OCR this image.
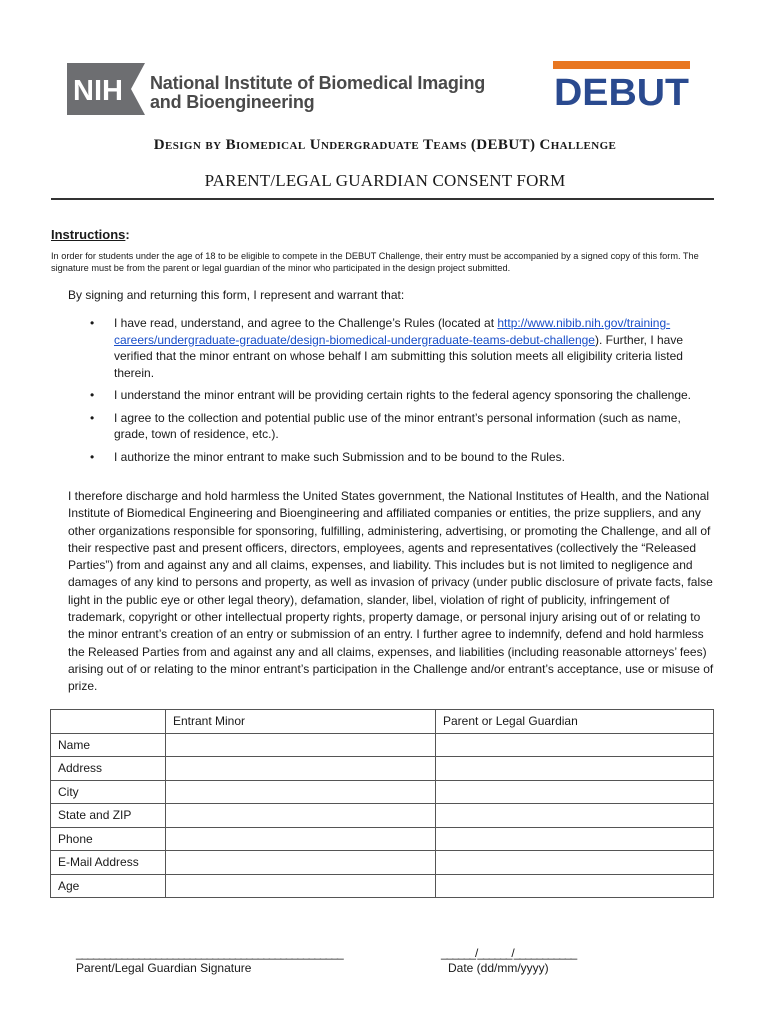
NIH National Institute of Biomedical Imaging
and Bioengineering	DEBUT
Design by Biomedical Undergraduate Teams (DEBUT) Challenge
PARENT/LEGAL GUARDIAN CONSENT FORM
Instructions:
In order for students under the age of 18 to be eligible to compete in the DEBUT Challenge, their entry must be accompanied by a signed copy of this form. The signature must be from the parent or legal guardian of the minor who participated in the design project submitted.
By signing and returning this form, I represent and warrant that:
• I have read, understand, and agree to the Challenge’s Rules (located at http://www.nibib.nih.gov/training-careers/undergraduate-graduate/design-biomedical-undergraduate-teams-debut-challenge). Further, I have verified that the minor entrant on whose behalf I am submitting this solution meets all eligibility criteria listed therein.
• I understand the minor entrant will be providing certain rights to the federal agency sponsoring the challenge.
• I agree to the collection and potential public use of the minor entrant’s personal information (such as name, grade, town of residence, etc.).
• I authorize the minor entrant to make such Submission and to be bound to the Rules.
I therefore discharge and hold harmless the United States government, the National Institutes of Health, and the National Institute of Biomedical Engineering and Bioengineering and affiliated companies or entities, the prize suppliers, and any other organizations responsible for sponsoring, fulfilling, administering, advertising, or promoting the Challenge, and all of their respective past and present officers, directors, employees, agents and representatives (collectively the “Released Parties”) from and against any and all claims, expenses, and liability. This includes but is not limited to negligence and damages of any kind to persons and property, as well as invasion of privacy (under public disclosure of private facts, false light in the public eye or other legal theory), defamation, slander, libel, violation of right of publicity, infringement of trademark, copyright or other intellectual property rights, property damage, or personal injury arising out of or relating to the minor entrant’s creation of an entry or submission of an entry. I further agree to indemnify, defend and hold harmless the Released Parties from and against any and all claims, expenses, and liabilities (including reasonable attorneys’ fees) arising out of or relating to the minor entrant’s participation in the Challenge and/or entrant’s acceptance, use or misuse of prize.
	Entrant Minor	Parent or Legal Guardian
Name		
Address		
City		
State and ZIP		
Phone		
E-Mail Address		
Age		
_______________________________________________
Parent/Legal Guardian Signature
______/______/___________
Date (dd/mm/yyyy)
